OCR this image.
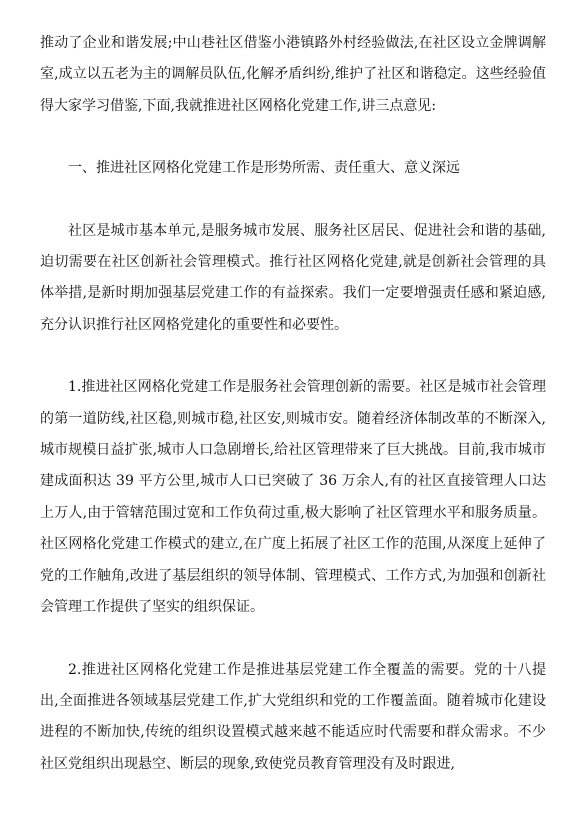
推动了企业和谐发展;中山巷社区借鉴小港镇路外村经验做法,在社区设立金牌调解室,成立以五老为主的调解员队伍,化解矛盾纠纷,维护了社区和谐稳定。这些经验值得大家学习借鉴,下面,我就推进社区网格化党建工作,讲三点意见:

一、推进社区网格化党建工作是形势所需、责任重大、意义深远

社区是城市基本单元,是服务城市发展、服务社区居民、促进社会和谐的基础,迫切需要在社区创新社会管理模式。推行社区网格化党建,就是创新社会管理的具体举措,是新时期加强基层党建工作的有益探索。我们一定要增强责任感和紧迫感,充分认识推行社区网格党建化的重要性和必要性。

1.推进社区网格化党建工作是服务社会管理创新的需要。社区是城市社会管理的第一道防线,社区稳,则城市稳,社区安,则城市安。随着经济体制改革的不断深入,城市规模日益扩张,城市人口急剧增长,给社区管理带来了巨大挑战。目前,我市城市建成面积达 39 平方公里,城市人口已突破了 36 万余人,有的社区直接管理人口达上万人,由于管辖范围过宽和工作负荷过重,极大影响了社区管理水平和服务质量。社区网格化党建工作模式的建立,在广度上拓展了社区工作的范围,从深度上延伸了党的工作触角,改进了基层组织的领导体制、管理模式、工作方式,为加强和创新社会管理工作提供了坚实的组织保证。

2.推进社区网格化党建工作是推进基层党建工作全覆盖的需要。党的十八提出,全面推进各领域基层党建工作,扩大党组织和党的工作覆盖面。随着城市化建设进程的不断加快,传统的组织设置模式越来越不能适应时代需要和群众需求。不少社区党组织出现悬空、断层的现象,致使党员教育管理没有及时跟进,
